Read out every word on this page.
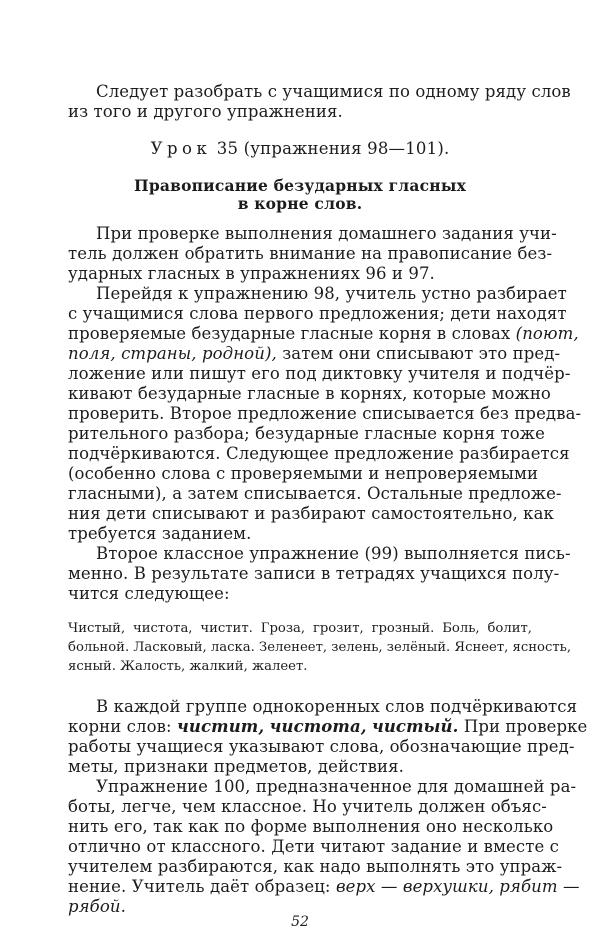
Следует разобрать с учащимися по одному ряду слов
из того и другого упражнения.
Урок 35 (упражнения 98—101).
Правописание безударных гласных
в корне слов.
При проверке выполнения домашнего задания учи-
тель должен обратить внимание на правописание без-
ударных гласных в упражнениях 96 и 97.
Перейдя к упражнению 98, учитель устно разбирает
с учащимися слова первого предложения; дети находят
проверяемые безударные гласные корня в словах (поют,
поля, страны, родной), затем они списывают это пред-
ложение или пишут его под диктовку учителя и подчёр-
кивают безударные гласные в корнях, которые можно
проверить. Второе предложение списывается без предва-
рительного разбора; безударные гласные корня тоже
подчёркиваются. Следующее предложение разбирается
(особенно слова с проверяемыми и непроверяемыми
гласными), а затем списывается. Остальные предложе-
ния дети списывают и разбирают самостоятельно, как
требуется заданием.
Второе классное упражнение (99) выполняется пись-
менно. В результате записи в тетрадях учащихся полу-
чится следующее:
Чистый, чистота, чистит. Гроза, грозит, грозный. Боль, болит,
больной. Ласковый, ласка. Зеленеет, зелень, зелёный. Яснеет, ясность,
ясный. Жалость, жалкий, жалеет.
В каждой группе однокоренных слов подчёркиваются
корни слов: чистит, чистота, чистый. При проверке
работы учащиеся указывают слова, обозначающие пред-
меты, признаки предметов, действия.
Упражнение 100, предназначенное для домашней ра-
боты, легче, чем классное. Но учитель должен объяс-
нить его, так как по форме выполнения оно несколько
отлично от классного. Дети читают задание и вместе с
учителем разбираются, как надо выполнять это упраж-
нение. Учитель даёт образец: верх — верхушки, рябит —
рябой.
52
